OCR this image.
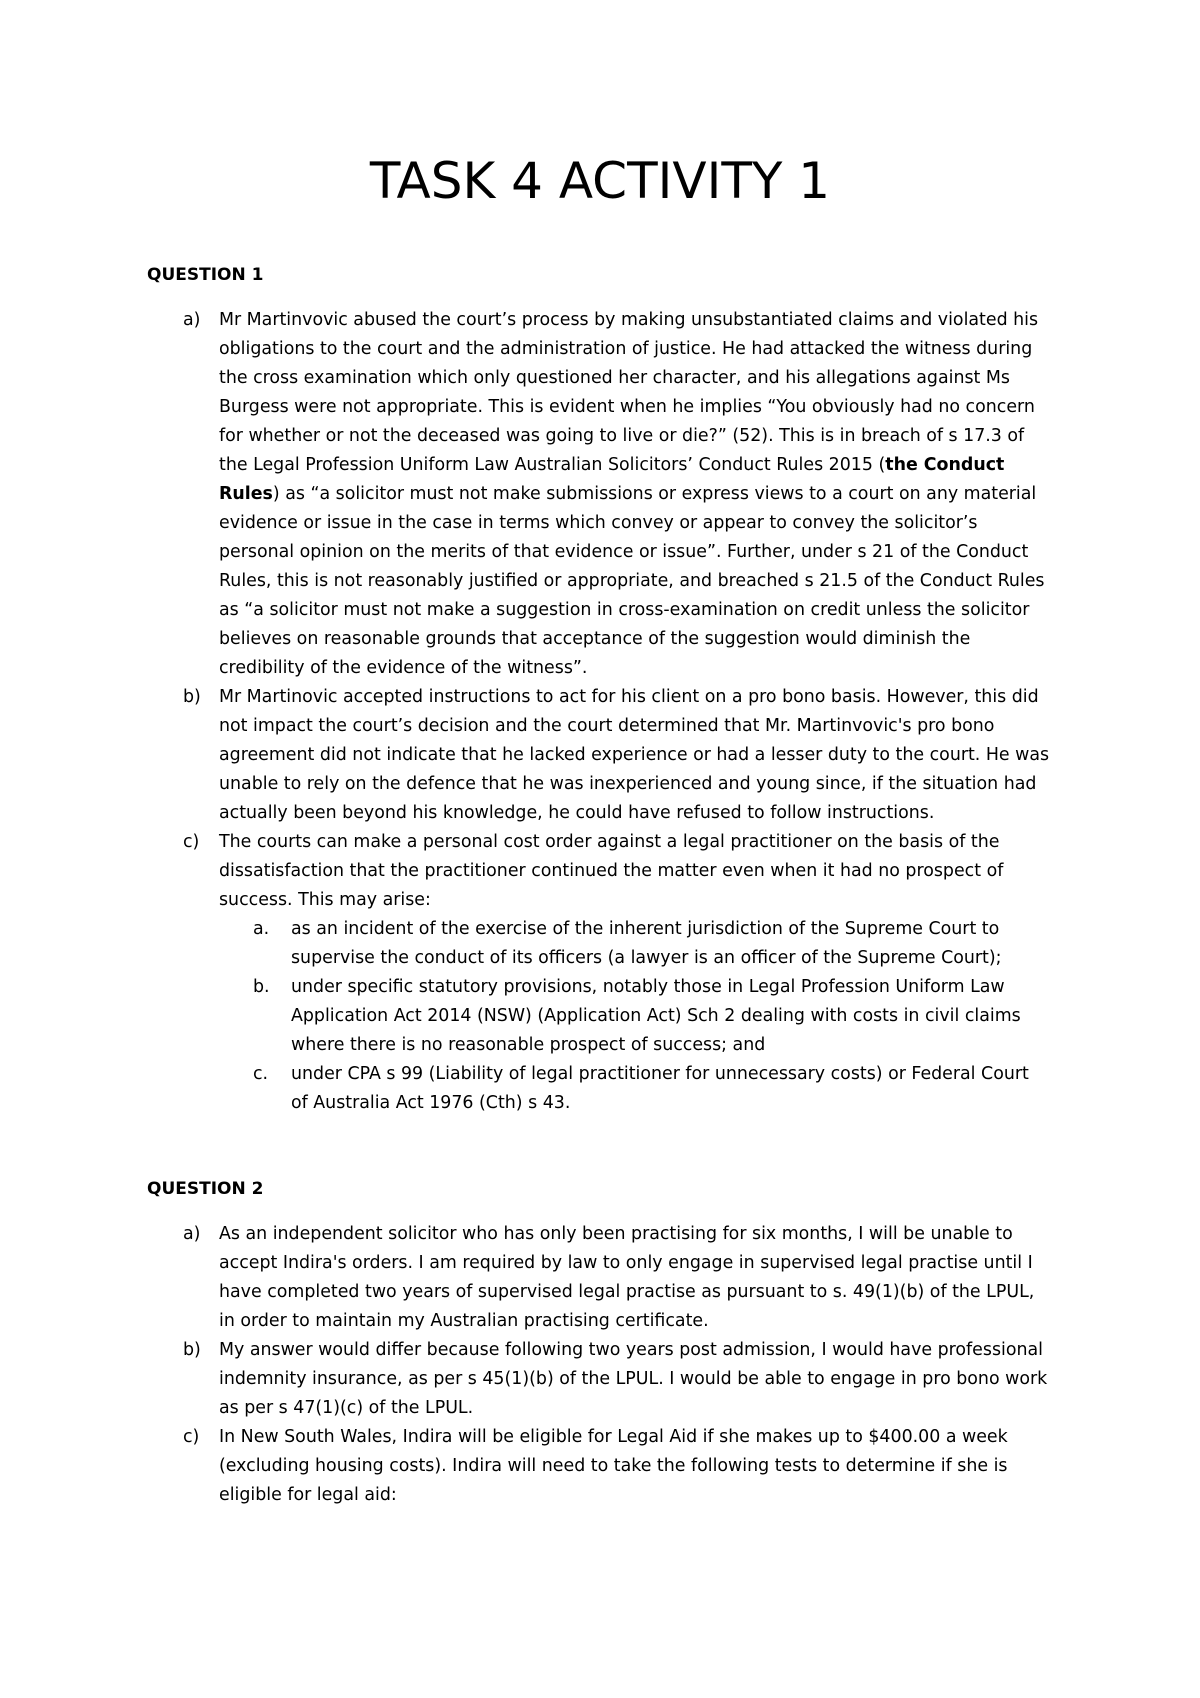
TASK 4 ACTIVITY 1
QUESTION 1
a) Mr Martinvovic abused the court’s process by making unsubstantiated claims and violated his obligations to the court and the administration of justice. He had attacked the witness during the cross examination which only questioned her character, and his allegations against Ms Burgess were not appropriate. This is evident when he implies “You obviously had no concern for whether or not the deceased was going to live or die?” (52). This is in breach of s 17.3 of the Legal Profession Uniform Law Australian Solicitors’ Conduct Rules 2015 (the Conduct Rules) as “a solicitor must not make submissions or express views to a court on any material evidence or issue in the case in terms which convey or appear to convey the solicitor’s personal opinion on the merits of that evidence or issue”. Further, under s 21 of the Conduct Rules, this is not reasonably justified or appropriate, and breached s 21.5 of the Conduct Rules as “a solicitor must not make a suggestion in cross-examination on credit unless the solicitor believes on reasonable grounds that acceptance of the suggestion would diminish the credibility of the evidence of the witness”.
b) Mr Martinovic accepted instructions to act for his client on a pro bono basis. However, this did not impact the court’s decision and the court determined that Mr. Martinvovic's pro bono agreement did not indicate that he lacked experience or had a lesser duty to the court. He was unable to rely on the defence that he was inexperienced and young since, if the situation had actually been beyond his knowledge, he could have refused to follow instructions.
c) The courts can make a personal cost order against a legal practitioner on the basis of the dissatisfaction that the practitioner continued the matter even when it had no prospect of success. This may arise:
a. as an incident of the exercise of the inherent jurisdiction of the Supreme Court to supervise the conduct of its officers (a lawyer is an officer of the Supreme Court);
b. under specific statutory provisions, notably those in Legal Profession Uniform Law Application Act 2014 (NSW) (Application Act) Sch 2 dealing with costs in civil claims where there is no reasonable prospect of success; and
c. under CPA s 99 (Liability of legal practitioner for unnecessary costs) or Federal Court of Australia Act 1976 (Cth) s 43.
QUESTION 2
a) As an independent solicitor who has only been practising for six months, I will be unable to accept Indira's orders. I am required by law to only engage in supervised legal practise until I have completed two years of supervised legal practise as pursuant to s. 49(1)(b) of the LPUL, in order to maintain my Australian practising certificate.
b) My answer would differ because following two years post admission, I would have professional indemnity insurance, as per s 45(1)(b) of the LPUL. I would be able to engage in pro bono work as per s 47(1)(c) of the LPUL.
c) In New South Wales, Indira will be eligible for Legal Aid if she makes up to $400.00 a week (excluding housing costs). Indira will need to take the following tests to determine if she is eligible for legal aid:
